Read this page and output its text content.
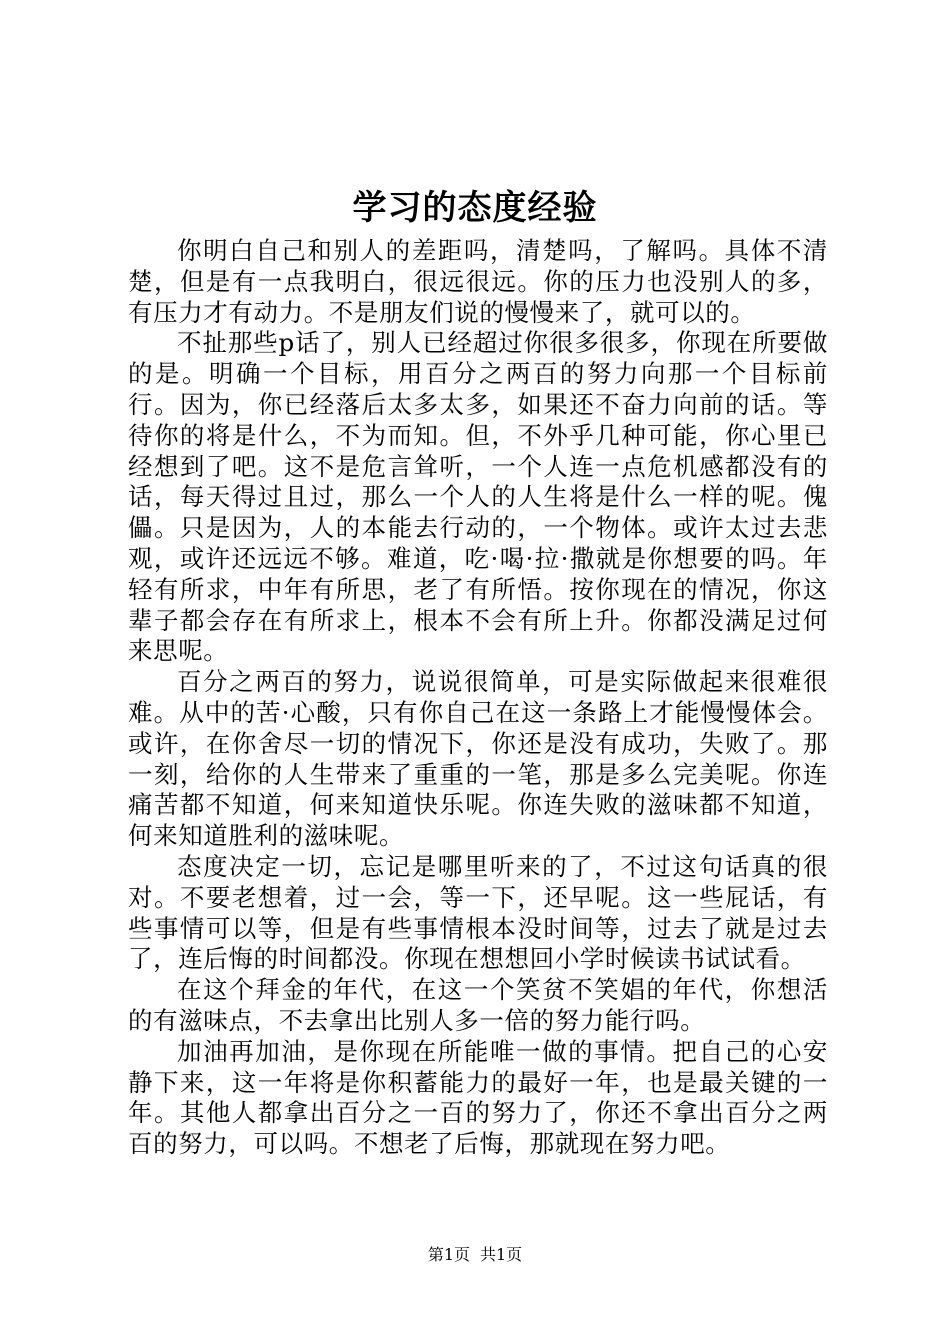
学习的态度经验

你明白自己和别人的差距吗，清楚吗，了解吗。具体不清楚，但是有一点我明白，很远很远。你的压力也没别人的多，有压力才有动力。不是朋友们说的慢慢来了，就可以的。

不扯那些p话了，别人已经超过你很多很多，你现在所要做的是。明确一个目标，用百分之两百的努力向那一个目标前行。因为，你已经落后太多太多，如果还不奋力向前的话。等待你的将是什么，不为而知。但，不外乎几种可能，你心里已经想到了吧。这不是危言耸听，一个人连一点危机感都没有的话，每天得过且过，那么一个人的人生将是什么一样的呢。傀儡。只是因为，人的本能去行动的，一个物体。或许太过去悲观，或许还远远不够。难道，吃·喝·拉·撒就是你想要的吗。年轻有所求，中年有所思，老了有所悟。按你现在的情况，你这辈子都会存在有所求上，根本不会有所上升。你都没满足过何来思呢。

百分之两百的努力，说说很简单，可是实际做起来很难很难。从中的苦·心酸，只有你自己在这一条路上才能慢慢体会。或许，在你舍尽一切的情况下，你还是没有成功，失败了。那一刻，给你的人生带来了重重的一笔，那是多么完美呢。你连痛苦都不知道，何来知道快乐呢。你连失败的滋味都不知道，何来知道胜利的滋味呢。

态度决定一切，忘记是哪里听来的了，不过这句话真的很对。不要老想着，过一会，等一下，还早呢。这一些屁话，有些事情可以等，但是有些事情根本没时间等，过去了就是过去了，连后悔的时间都没。你现在想想回小学时候读书试试看。

在这个拜金的年代，在这一个笑贫不笑娼的年代，你想活的有滋味点，不去拿出比别人多一倍的努力能行吗。

加油再加油，是你现在所能唯一做的事情。把自己的心安静下来，这一年将是你积蓄能力的最好一年，也是最关键的一年。其他人都拿出百分之一百的努力了，你还不拿出百分之两百的努力，可以吗。不想老了后悔，那就现在努力吧。

第1页 共1页
